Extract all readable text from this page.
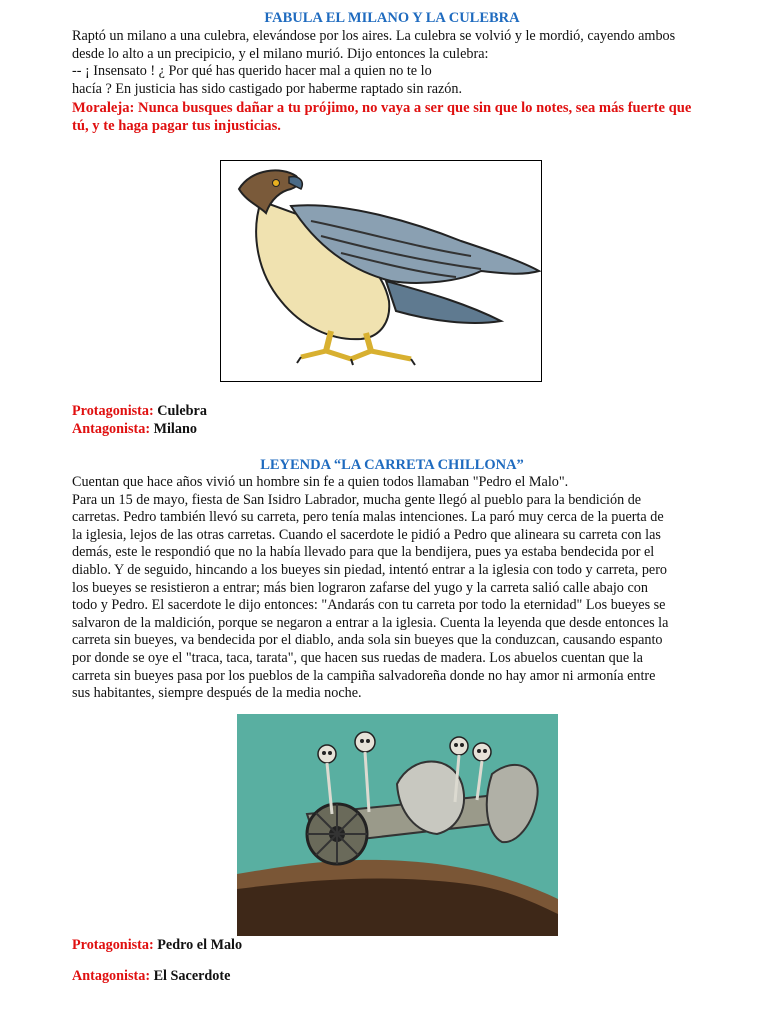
FABULA EL MILANO Y LA CULEBRA

Raptó un milano a una culebra, elevándose por los aires. La culebra se volvió y le mordió, cayendo ambos

desde lo alto a un precipicio, y el milano murió. Dijo entonces la culebra:

-- ¡ Insensato ! ¿ Por qué has querido hacer mal a quien no te lo

hacía ? En justicia has sido castigado por haberme raptado sin razón.

Moraleja: Nunca busques dañar a tu prójimo, no vaya a ser que sin que lo notes, sea más fuerte que
tú, y te haga pagar tus injusticias.
Protagonista: Culebra
Antagonista: Milano
LEYENDA “LA CARRETA CHILLONA”

Cuentan que hace años vivió un hombre sin fe a quien todos llamaban "Pedro el Malo".

Para un 15 de mayo, fiesta de San Isidro Labrador, mucha gente llegó al pueblo para la bendición de

carretas. Pedro también llevó su carreta, pero tenía malas intenciones. La paró muy cerca de la puerta de

la iglesia, lejos de las otras carretas. Cuando el sacerdote le pidió a Pedro que alineara su carreta con las

demás, este le respondió que no la había llevado para que la bendijera, pues ya estaba bendecida por el

diablo. Y de seguido, hincando a los bueyes sin piedad, intentó entrar a la iglesia con todo y carreta, pero

los bueyes se resistieron a entrar; más bien lograron zafarse del yugo y la carreta salió calle abajo con

todo y Pedro. El sacerdote le dijo entonces: "Andarás con tu carreta por todo la eternidad" Los bueyes se

salvaron de la maldición, porque se negaron a entrar a la iglesia. Cuenta la leyenda que desde entonces la

carreta sin bueyes, va bendecida por el diablo, anda sola sin bueyes que la conduzcan, causando espanto

por donde se oye el "traca, taca, tarata", que hacen sus ruedas de madera. Los abuelos cuentan que la

carreta sin bueyes pasa por los pueblos de la campiña salvadoreña donde no hay amor ni armonía entre

sus habitantes, siempre después de la media noche.

Protagonista: Pedro el Malo
Antagonista: El Sacerdote
